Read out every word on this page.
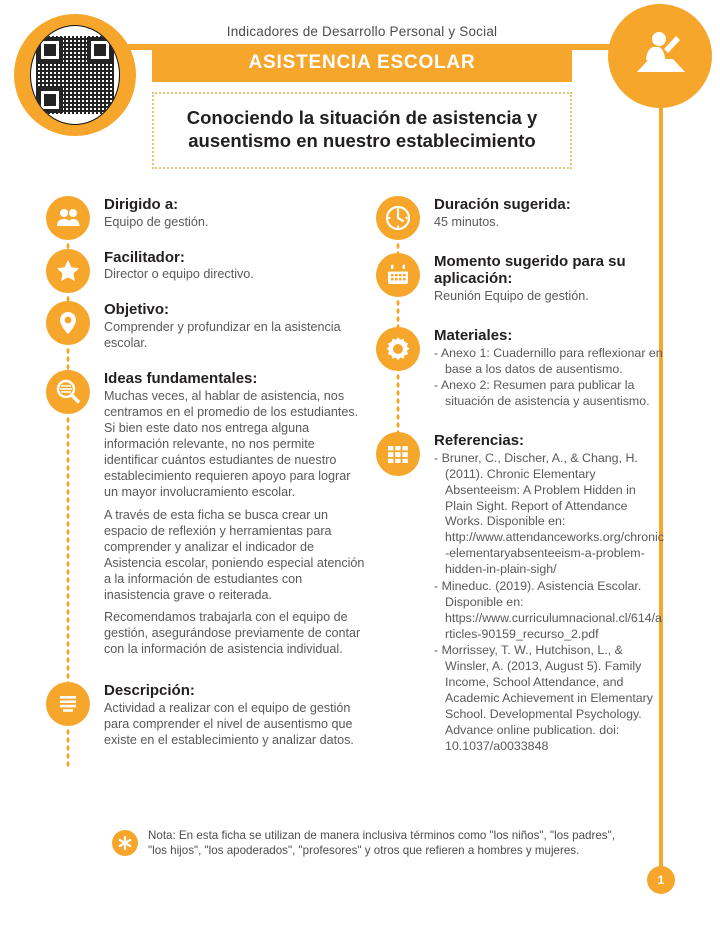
Indicadores de Desarrollo Personal y Social
ASISTENCIA ESCOLAR
Conociendo la situación de asistencia y ausentismo en nuestro establecimiento
1
Dirigido a:

Equipo de gestión.

Facilitador:

Director o equipo directivo.

Objetivo:

Comprender y profundizar en la asistencia escolar.

Ideas fundamentales:

Muchas veces, al hablar de asistencia, nos centramos en el promedio de los estudiantes. Si bien este dato nos entrega alguna información relevante, no nos permite identificar cuántos estudiantes de nuestro establecimiento requieren apoyo para lograr un mayor involucramiento escolar.

A través de esta ficha se busca crear un espacio de reflexión y herramientas para comprender y analizar el indicador de Asistencia escolar, poniendo especial atención a la información de estudiantes con inasistencia grave o reiterada.

Recomendamos trabajarla con el equipo de gestión, asegurándose previamente de contar con la información de asistencia individual.

Descripción:

Actividad a realizar con el equipo de gestión para comprender el nivel de ausentismo que existe en el establecimiento y analizar datos.

Duración sugerida:

45 minutos.

Momento sugerido para su aplicación:

Reunión Equipo de gestión.

Materiales:
- Anexo 1: Cuadernillo para reflexionar en base a los datos de ausentismo.
- Anexo 2: Resumen para publicar la situación de asistencia y ausentismo.
Referencias:
- Bruner, C., Discher, A., & Chang, H. (2011). Chronic Elementary Absenteeism: A Problem Hidden in Plain Sight. Report of Attendance Works. Disponible en: http://www.attendanceworks.org/chronic-elementaryabsenteeism-a-problem-hidden-in-plain-sigh/
- Mineduc. (2019). Asistencia Escolar. Disponible en: https://www.curriculumnacional.cl/614/articles-90159_recurso_2.pdf
- Morrissey, T. W., Hutchison, L., & Winsler, A. (2013, August 5). Family Income, School Attendance, and Academic Achievement in Elementary School. Developmental Psychology. Advance online publication. doi: 10.1037/a0033848

Nota: En esta ficha se utilizan de manera inclusiva términos como "los niños", "los padres", "los hijos", "los apoderados", "profesores" y otros que refieren a hombres y mujeres.
